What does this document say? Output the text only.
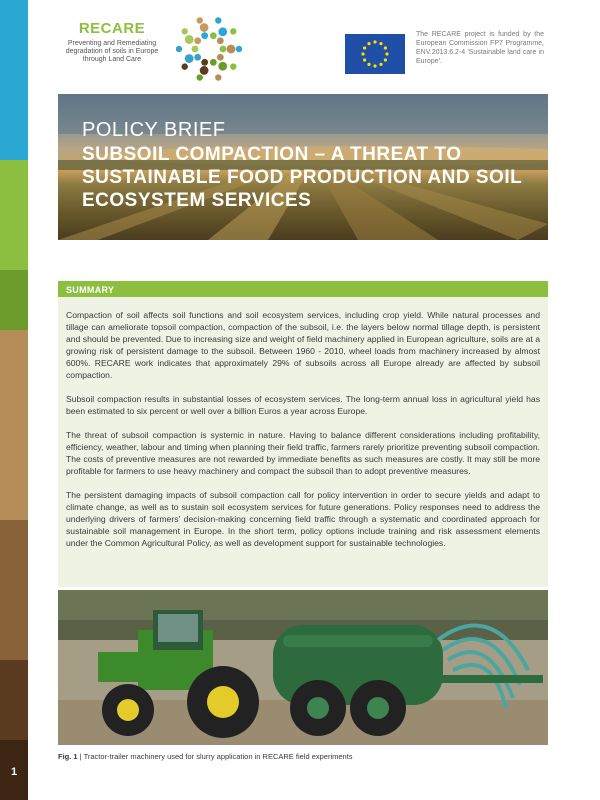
1
RECARE
Preventing and Remediating degradation of soils in Europe through Land Care
The RECARE project is funded by the European Commission FP7 Programme, ENV.2013.6.2-4 'Sustainable land care in Europe'.
POLICY BRIEF
SUBSOIL COMPACTION – A THREAT TO SUSTAINABLE FOOD PRODUCTION AND SOIL ECOSYSTEM SERVICES
SUMMARY

Compaction of soil affects soil functions and soil ecosystem services, including crop yield. While natural processes and tillage can ameliorate topsoil compaction, compaction of the subsoil, i.e. the layers below normal tillage depth, is persistent and should be prevented. Due to increasing size and weight of field machinery applied in European agriculture, soils are at a growing risk of persistent damage to the subsoil. Between 1960 - 2010, wheel loads from machinery increased by almost 600%. RECARE work indicates that approximately 29% of subsoils across all Europe already are affected by subsoil compaction.

Subsoil compaction results in substantial losses of ecosystem services. The long-term annual loss in agricultural yield has been estimated to six percent or well over a billion Euros a year across Europe.

The threat of subsoil compaction is systemic in nature. Having to balance different considerations including profitability, efficiency, weather, labour and timing when planning their field traffic, farmers rarely prioritize preventing subsoil compaction. The costs of preventive measures are not rewarded by immediate benefits as such measures are costly. It may still be more profitable for farmers to use heavy machinery and compact the subsoil than to adopt preventive measures.

The persistent damaging impacts of subsoil compaction call for policy intervention in order to secure yields and adapt to climate change, as well as to sustain soil ecosystem services for future generations. Policy responses need to address the underlying drivers of farmers' decision-making concerning field traffic through a systematic and coordinated approach for sustainable soil management in Europe. In the short term, policy options include training and risk assessment elements under the Common Agricultural Policy, as well as development support for sustainable technologies.

Fig. 1 | Tractor-trailer machinery used for slurry application in RECARE field experiments
